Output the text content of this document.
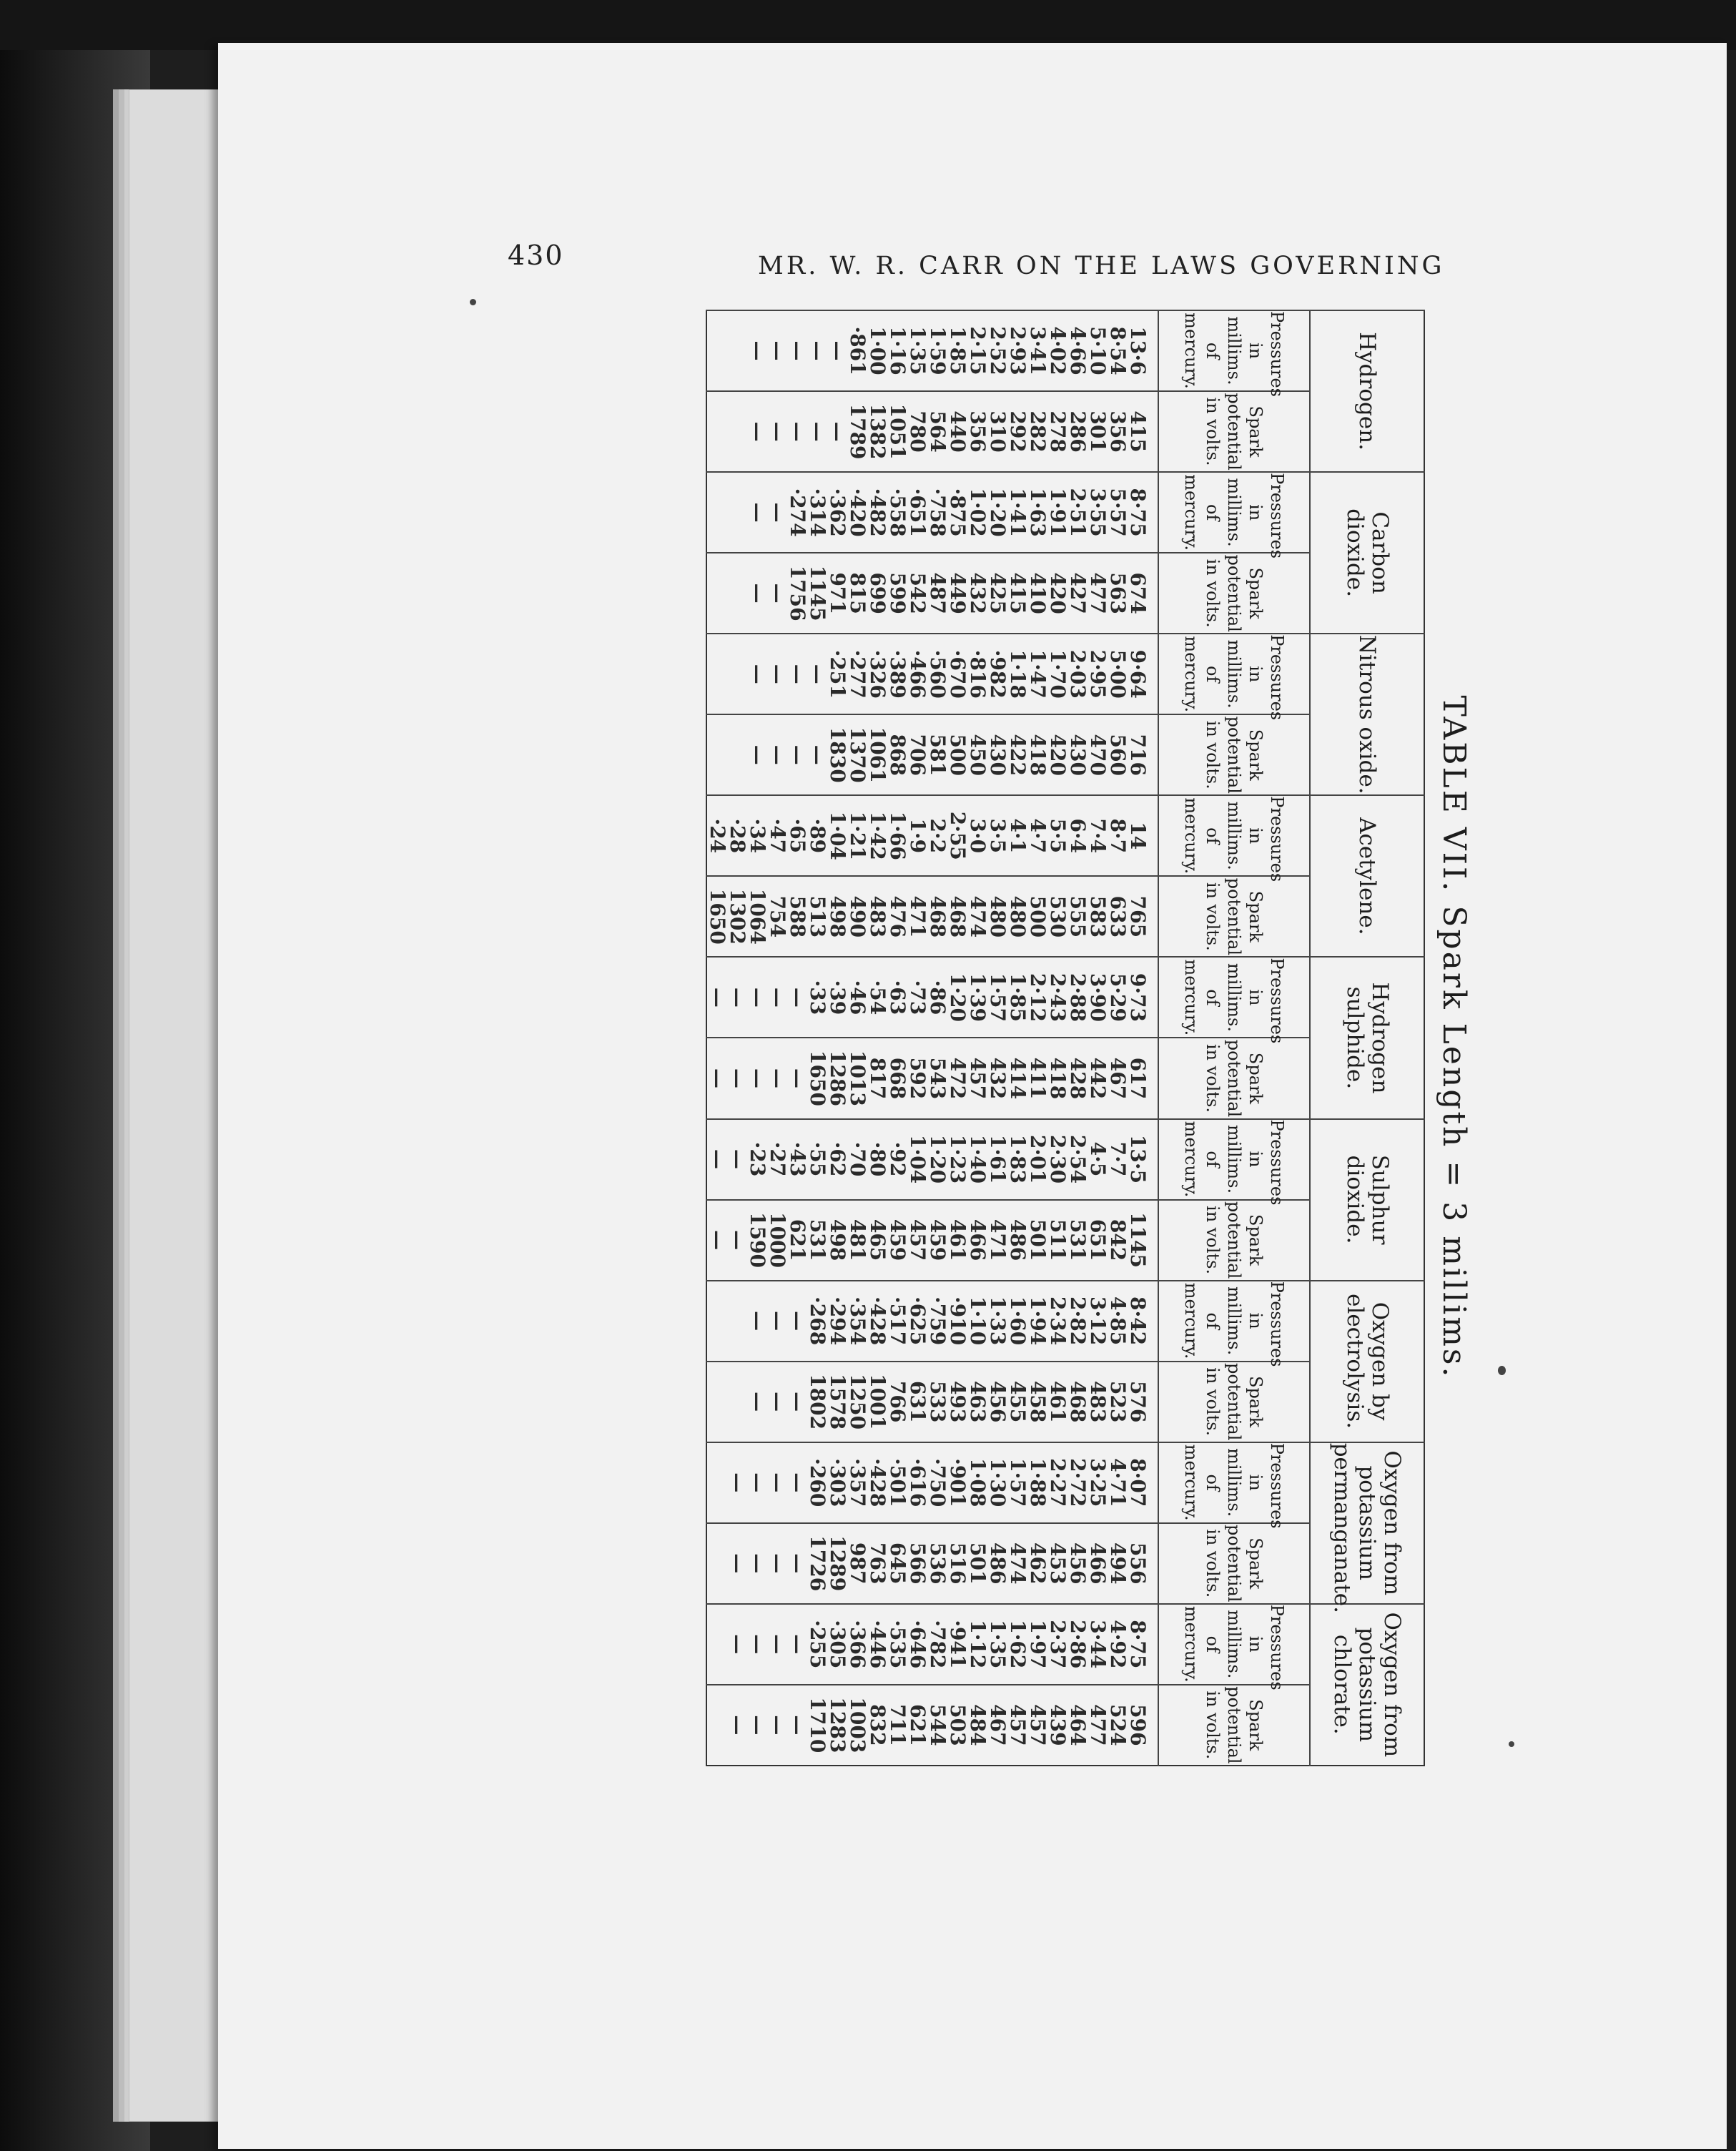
430	MR. W. R. CARR ON THE LAWS GOVERNING
TABLE VII. Spark Length = 3 millims.
Hydrogen.		Carbon dioxide.		Nitrous oxide.		Acetylene.		Hydrogen sulphide.		Sulphur dioxide.		Oxygen by electrolysis.		Oxygen from potassium permanganate.		Oxygen from potassium chlorate.	
Pressures in millims. of mercury.	Spark potential in volts.	Pressures in millims. of mercury.	Spark potential in volts.	Pressures in millims. of mercury.	Spark potential in volts.	Pressures in millims. of mercury.	Spark potential in volts.	Pressures in millims. of mercury.	Spark potential in volts.	Pressures in millims. of mercury.	Spark potential in volts.	Pressures in millims. of mercury.	Spark potential in volts.	Pressures in millims. of mercury.	Spark potential in volts.	Pressures in millims. of mercury.	Spark potential in volts.
13·6	415	8·75	674	9·64	716	14	765	9·73	617	13·5	1145	8·42	576	8·07	556	8·75	596
8·54	356	5·57	563	5·00	560	8·7	633	5·29	467	7·7	842	4·85	523	4·71	494	4·92	524
5·10	301	3·55	477	2·95	470	7·4	583	3·90	442	4·5	651	3·12	483	3·25	466	3·44	477
4·66	286	2·51	427	2·03	430	6·4	555	2·88	428	2·54	531	2·82	468	2·72	456	2·86	464
4·02	278	1·91	420	1·70	420	5·5	530	2·43	418	2·30	511	2·34	461	2·27	453	2·37	439
3·41	282	1·63	410	1·47	418	4·7	500	2·12	411	2·01	501	1·94	458	1·88	462	1·97	457
2·93	292	1·41	415	1·18	422	4·1	480	1·85	414	1·83	486	1·60	455	1·57	474	1·62	457
2·52	310	1·20	425	·982	430	3·5	480	1·57	432	1·61	471	1·33	456	1·30	486	1·35	467
2·15	356	1·02	432	·816	450	3·0	474	1·39	457	1·40	466	1·10	463	1·08	501	1·12	484
1·85	440	·875	449	·670	500	2·55	468	1·20	472	1·23	461	·910	493	·901	516	·941	503
1·59	564	·758	487	·560	581	2·2	468	·86	543	1·20	459	·759	533	·750	536	·782	544
1·35	780	·651	542	·466	706	1·9	471	·73	592	1·04	457	·625	631	·616	566	·646	621
1·16	1051	·558	599	·389	868	1·66	476	·63	668	·92	459	·517	766	·501	645	·535	711
1·00	1382	·482	699	·326	1061	1·42	483	·54	817	·80	465	·428	1001	·428	763	·446	832
·861	1789	·420	815	·277	1370	1·21	490	·46	1013	·70	481	·354	1250	·357	987	·366	1003
—	—	·362	971	·251	1830	1·04	498	·39	1286	·62	498	·294	1578	·303	1289	·305	1283
—	—	·314	1145	—	—	·89	513	·33	1650	·55	531	·268	1802	·260	1726	·255	1710
—	—	·274	1756	—	—	·65	588	—	—	·43	621	—	—	—	—	—	—
—	—	—	—	—	—	·47	754	—	—	·27	1000	—	—	—	—	—	—
—	—	—	—	—	—	·34	1064	—	—	·23	1590	—	—	—	—	—	—
						·28	1302	—	—	—	—			—	—	—	—
						·24	1650	—	—	—	—						
